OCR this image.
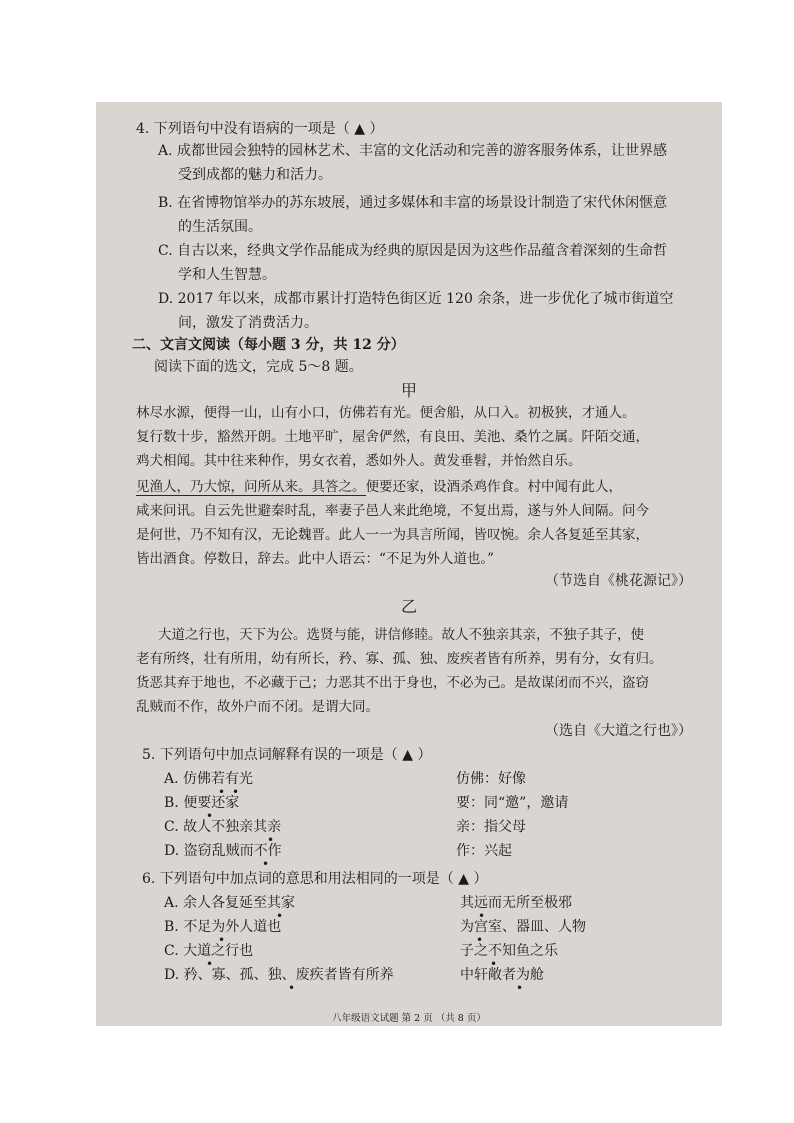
4. 下列语句中没有语病的一项是（ ▲ ）
A. 成都世园会独特的园林艺术、丰富的文化活动和完善的游客服务体系，让世界感
受到成都的魅力和活力。
B. 在省博物馆举办的苏东坡展，通过多媒体和丰富的场景设计制造了宋代休闲惬意
的生活氛围。
C. 自古以来，经典文学作品能成为经典的原因是因为这些作品蕴含着深刻的生命哲
学和人生智慧。
D. 2017 年以来，成都市累计打造特色街区近 120 余条，进一步优化了城市街道空
间，激发了消费活力。
二、文言文阅读（每小题 3 分，共 12 分）
阅读下面的选文，完成 5～8 题。
甲
林尽水源，便得一山，山有小口，仿佛若有光。便舍船，从口入。初极狭，才通人。
复行数十步，豁然开朗。土地平旷，屋舍俨然，有良田、美池、桑竹之属。阡陌交通，
鸡犬相闻。其中往来种作，男女衣着，悉如外人。黄发垂髫，并怡然自乐。
见渔人，乃大惊，问所从来。具答之。便要还家，设酒杀鸡作食。村中闻有此人，
咸来问讯。自云先世避秦时乱，率妻子邑人来此绝境，不复出焉，遂与外人间隔。问今
是何世，乃不知有汉，无论魏晋。此人一一为具言所闻，皆叹惋。余人各复延至其家，
皆出酒食。停数日，辞去。此中人语云：“不足为外人道也。”
（节选自《桃花源记》）
乙
大道之行也，天下为公。选贤与能，讲信修睦。故人不独亲其亲，不独子其子，使
老有所终，壮有所用，幼有所长，矜、寡、孤、独、废疾者皆有所养，男有分，女有归。
货恶其弃于地也，不必藏于己；力恶其不出于身也，不必为己。是故谋闭而不兴，盗窃
乱贼而不作，故外户而不闭。是谓大同。
（选自《大道之行也》）
5. 下列语句中加点词解释有误的一项是（ ▲ ）
A. 仿佛若有光	仿佛：好像
B. 便要还家	要：同“邀”，邀请
C. 故人不独亲其亲	亲：指父母
D. 盗窃乱贼而不作	作：兴起
6. 下列语句中加点词的意思和用法相同的一项是（ ▲ ）
A. 余人各复延至其家	其远而无所至极邪
B. 不足为外人道也	为宫室、器皿、人物
C. 大道之行也	子之不知鱼之乐
D. 矜、寡、孤、独、废疾者皆有所养	中轩敞者为舱
• •
•
•
•
•	•
•	•
•	•
•	•
八年级语文试题 第 2 页 （共 8 页）
